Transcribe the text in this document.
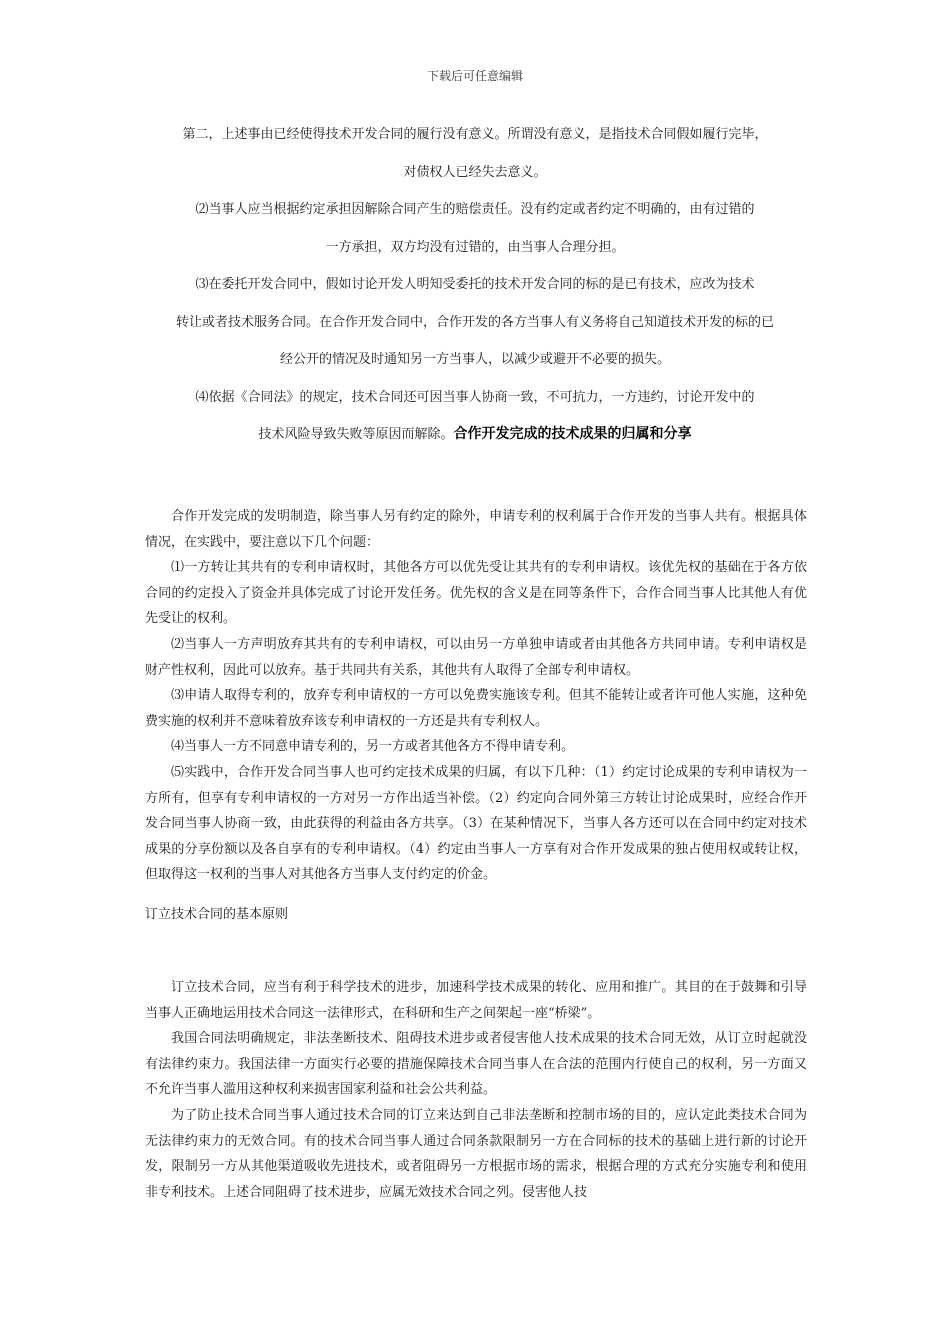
下载后可任意编辑
第二，上述事由已经使得技术开发合同的履行没有意义。所谓没有意义，是指技术合同假如履行完毕，
对债权人已经失去意义。
⑵当事人应当根据约定承担因解除合同产生的赔偿责任。没有约定或者约定不明确的，由有过错的
一方承担，双方均没有过错的，由当事人合理分担。
⑶在委托开发合同中，假如讨论开发人明知受委托的技术开发合同的标的是已有技术，应改为技术
转让或者技术服务合同。在合作开发合同中，合作开发的各方当事人有义务将自己知道技术开发的标的已
经公开的情况及时通知另一方当事人，以减少或避开不必要的损失。
⑷依据《合同法》的规定，技术合同还可因当事人协商一致，不可抗力，一方违约，讨论开发中的
技术风险导致失败等原因而解除。合作开发完成的技术成果的归属和分享

合作开发完成的发明制造，除当事人另有约定的除外，申请专利的权利属于合作开发的当事人共有。根据具体情况，在实践中，要注意以下几个问题：

⑴一方转让其共有的专利申请权时，其他各方可以优先受让其共有的专利申请权。该优先权的基础在于各方依合同的约定投入了资金并具体完成了讨论开发任务。优先权的含义是在同等条件下，合作合同当事人比其他人有优先受让的权利。

⑵当事人一方声明放弃其共有的专利申请权，可以由另一方单独申请或者由其他各方共同申请。专利申请权是财产性权利，因此可以放弃。基于共同共有关系，其他共有人取得了全部专利申请权。

⑶申请人取得专利的，放弃专利申请权的一方可以免费实施该专利。但其不能转让或者许可他人实施，这种免费实施的权利并不意味着放弃该专利申请权的一方还是共有专利权人。

⑷当事人一方不同意申请专利的，另一方或者其他各方不得申请专利。

⑸实践中，合作开发合同当事人也可约定技术成果的归属，有以下几种：（1）约定讨论成果的专利申请权为一方所有，但享有专利申请权的一方对另一方作出适当补偿。（2）约定向合同外第三方转让讨论成果时，应经合作开发合同当事人协商一致，由此获得的利益由各方共享。（3）在某种情况下，当事人各方还可以在合同中约定对技术成果的分享份额以及各自享有的专利申请权。（4）约定由当事人一方享有对合作开发成果的独占使用权或转让权，但取得这一权利的当事人对其他各方当事人支付约定的价金。

订立技术合同的基本原则

订立技术合同，应当有利于科学技术的进步，加速科学技术成果的转化、应用和推广。其目的在于鼓舞和引导当事人正确地运用技术合同这一法律形式，在科研和生产之间架起一座“桥梁”。

我国合同法明确规定，非法垄断技术、阻碍技术进步或者侵害他人技术成果的技术合同无效，从订立时起就没有法律约束力。我国法律一方面实行必要的措施保障技术合同当事人在合法的范围内行使自己的权利，另一方面又不允许当事人滥用这种权利来损害国家利益和社会公共利益。

为了防止技术合同当事人通过技术合同的订立来达到自己非法垄断和控制市场的目的，应认定此类技术合同为无法律约束力的无效合同。有的技术合同当事人通过合同条款限制另一方在合同标的技术的基础上进行新的讨论开发，限制另一方从其他渠道吸收先进技术，或者阻碍另一方根据市场的需求，根据合理的方式充分实施专利和使用非专利技术。上述合同阻碍了技术进步，应属无效技术合同之列。侵害他人技
